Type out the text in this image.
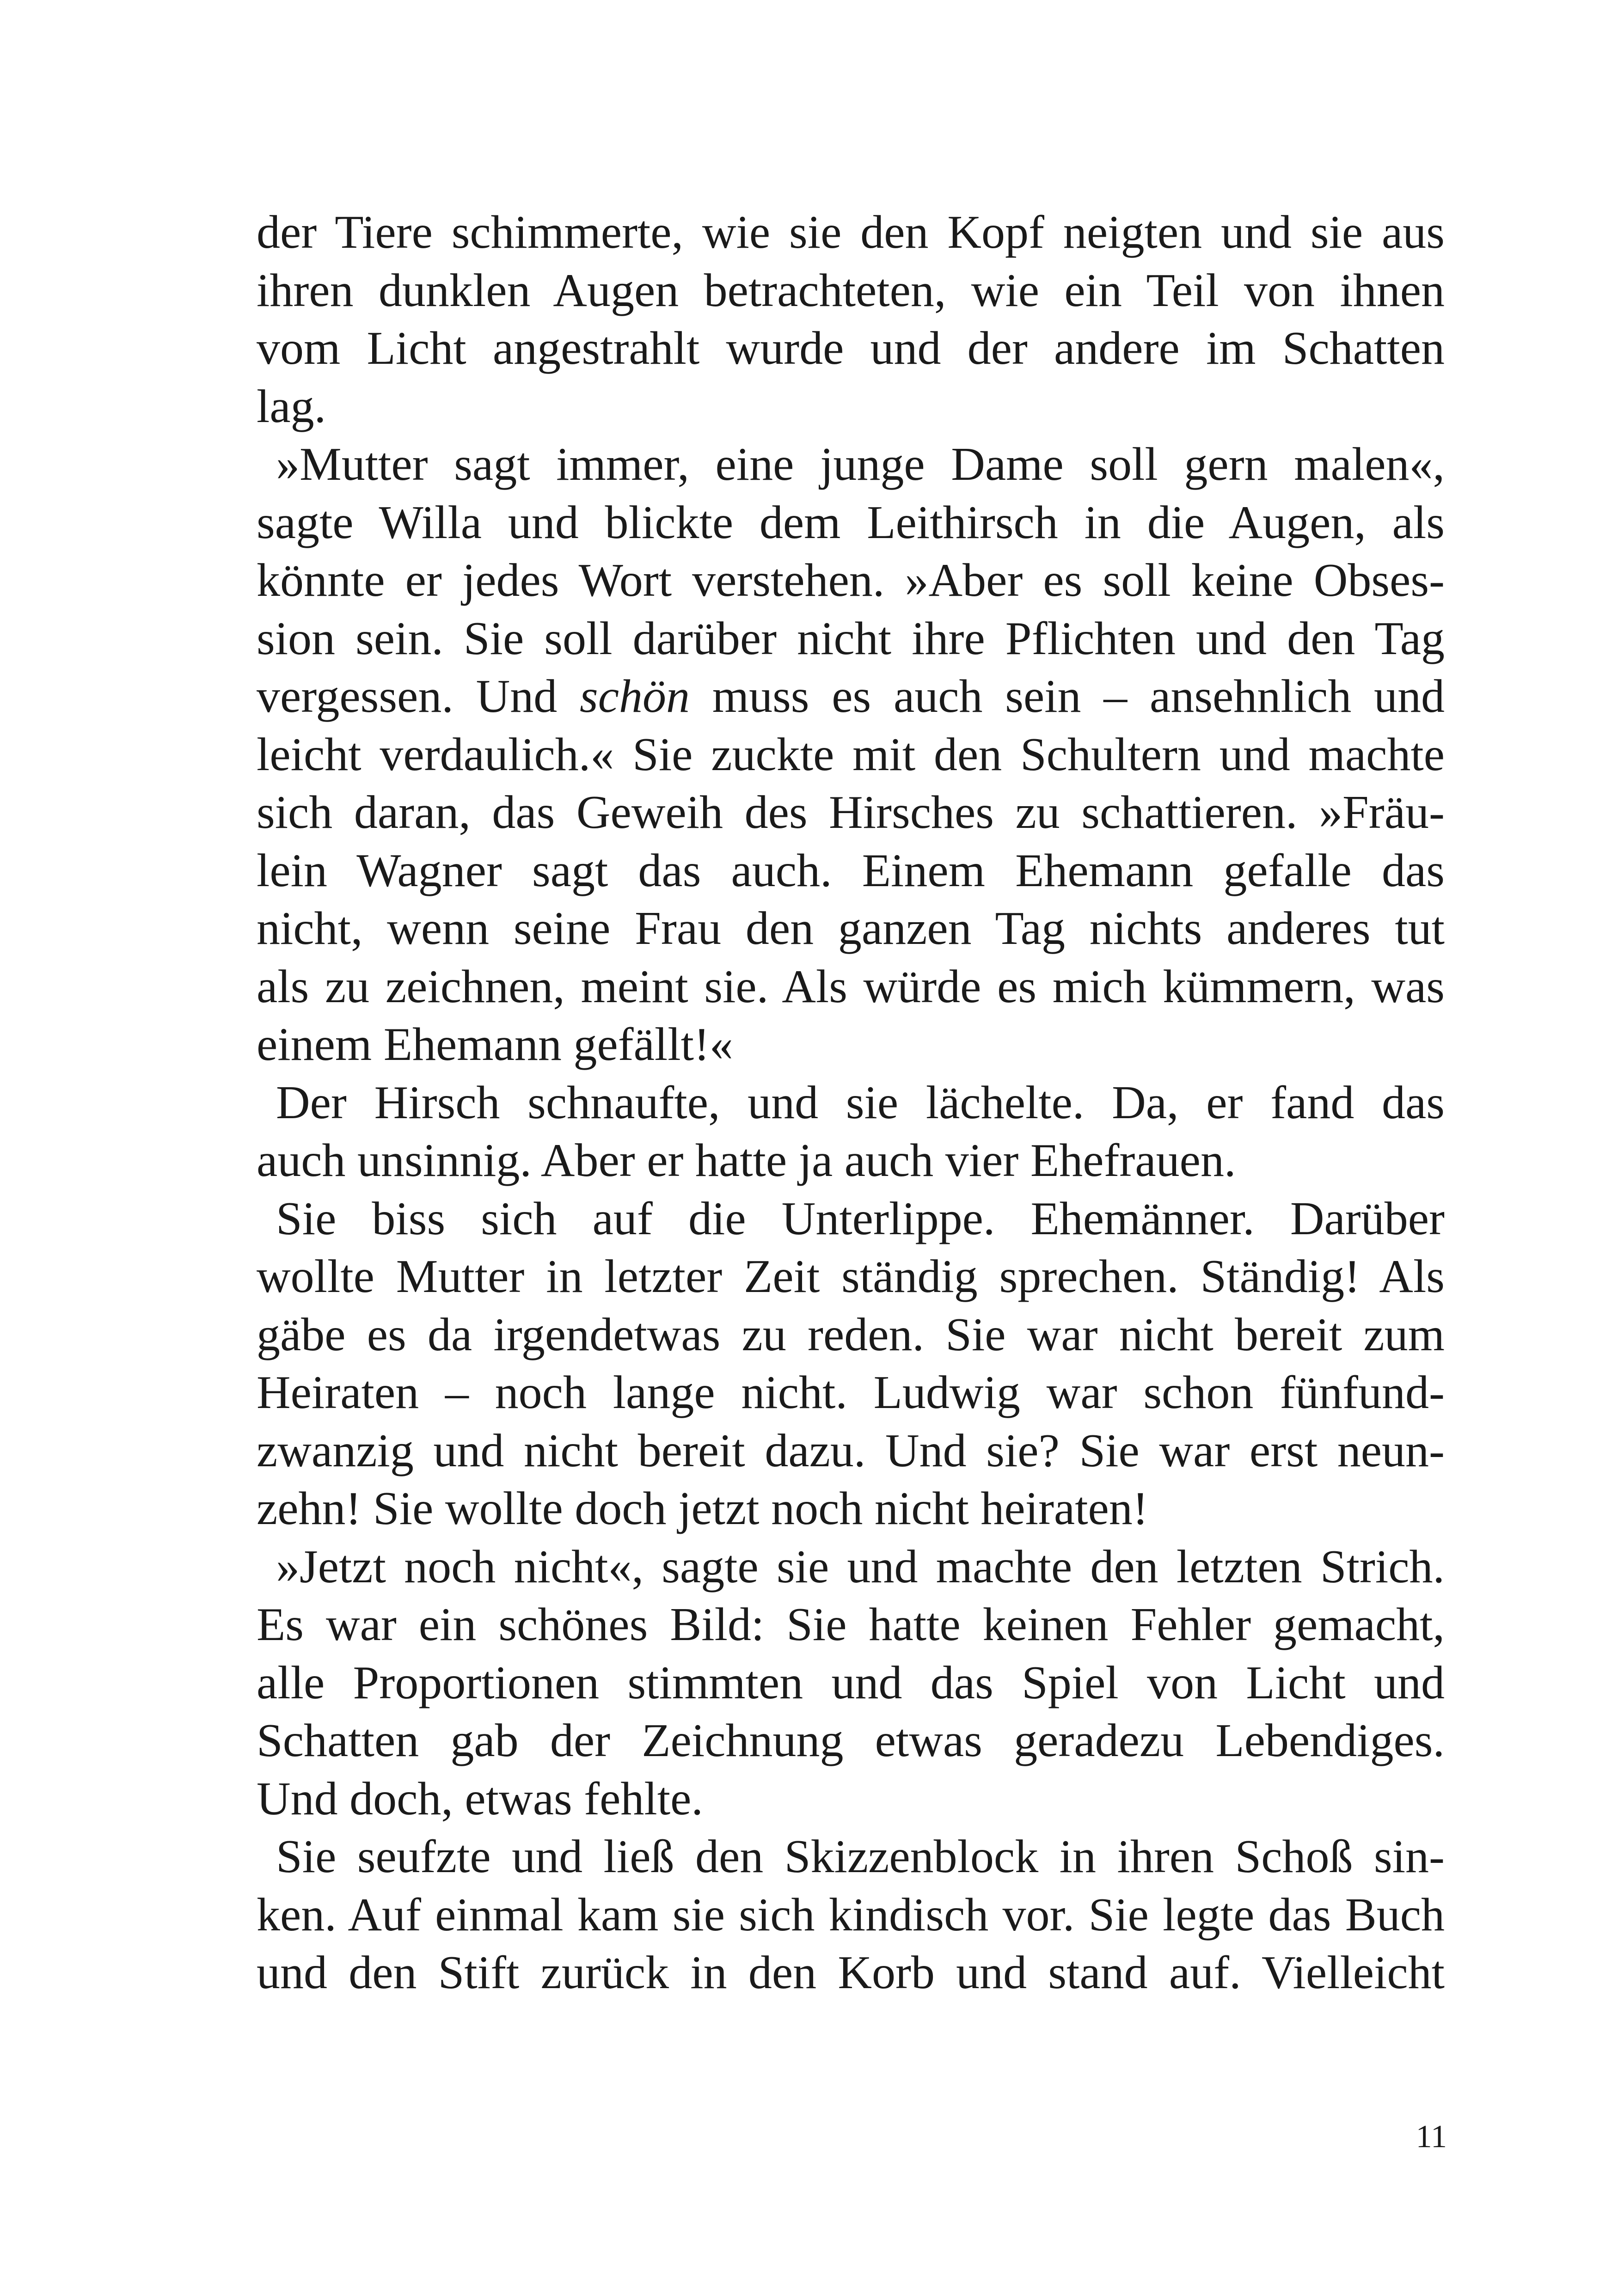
der Tiere schimmerte, wie sie den Kopf neigten und sie aus
ihren dunklen Augen betrachteten, wie ein Teil von ihnen
vom Licht angestrahlt wurde und der andere im Schatten
lag.
»Mutter sagt immer, eine junge Dame soll gern malen«,
sagte Willa und blickte dem Leithirsch in die Augen, als
könnte er jedes Wort verstehen. »Aber es soll keine Obses-
sion sein. Sie soll darüber nicht ihre Pflichten und den Tag
vergessen. Und schön muss es auch sein – ansehnlich und
leicht verdaulich.« Sie zuckte mit den Schultern und machte
sich daran, das Geweih des Hirsches zu schattieren. »Fräu-
lein Wagner sagt das auch. Einem Ehemann gefalle das
nicht, wenn seine Frau den ganzen Tag nichts anderes tut
als zu zeichnen, meint sie. Als würde es mich kümmern, was
einem Ehemann gefällt!«
Der Hirsch schnaufte, und sie lächelte. Da, er fand das
auch unsinnig. Aber er hatte ja auch vier Ehefrauen.
Sie biss sich auf die Unterlippe. Ehemänner. Darüber
wollte Mutter in letzter Zeit ständig sprechen. Ständig! Als
gäbe es da irgendetwas zu reden. Sie war nicht bereit zum
Heiraten – noch lange nicht. Ludwig war schon fünfund-
zwanzig und nicht bereit dazu. Und sie? Sie war erst neun-
zehn! Sie wollte doch jetzt noch nicht heiraten!
»Jetzt noch nicht«, sagte sie und machte den letzten Strich.
Es war ein schönes Bild: Sie hatte keinen Fehler gemacht,
alle Proportionen stimmten und das Spiel von Licht und
Schatten gab der Zeichnung etwas geradezu Lebendiges.
Und doch, etwas fehlte.
Sie seufzte und ließ den Skizzenblock in ihren Schoß sin-
ken. Auf einmal kam sie sich kindisch vor. Sie legte das Buch
und den Stift zurück in den Korb und stand auf. Vielleicht
11
